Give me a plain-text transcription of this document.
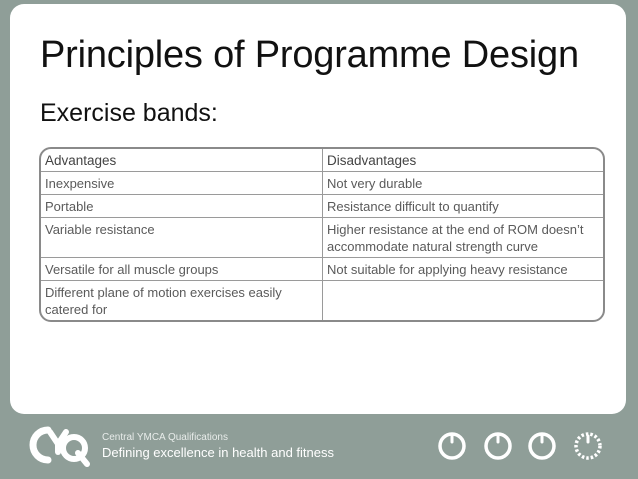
Principles of Programme Design
Exercise bands:
Advantages	Disadvantages
Inexpensive	Not very durable
Portable	Resistance difficult to quantify
Variable resistance	Higher resistance at the end of ROM doesn’t accommodate natural strength curve
Versatile for all muscle groups	Not suitable for applying heavy resistance
Different plane of motion exercises easily catered for	
Central YMCA Qualifications
Defining excellence in health and fitness
